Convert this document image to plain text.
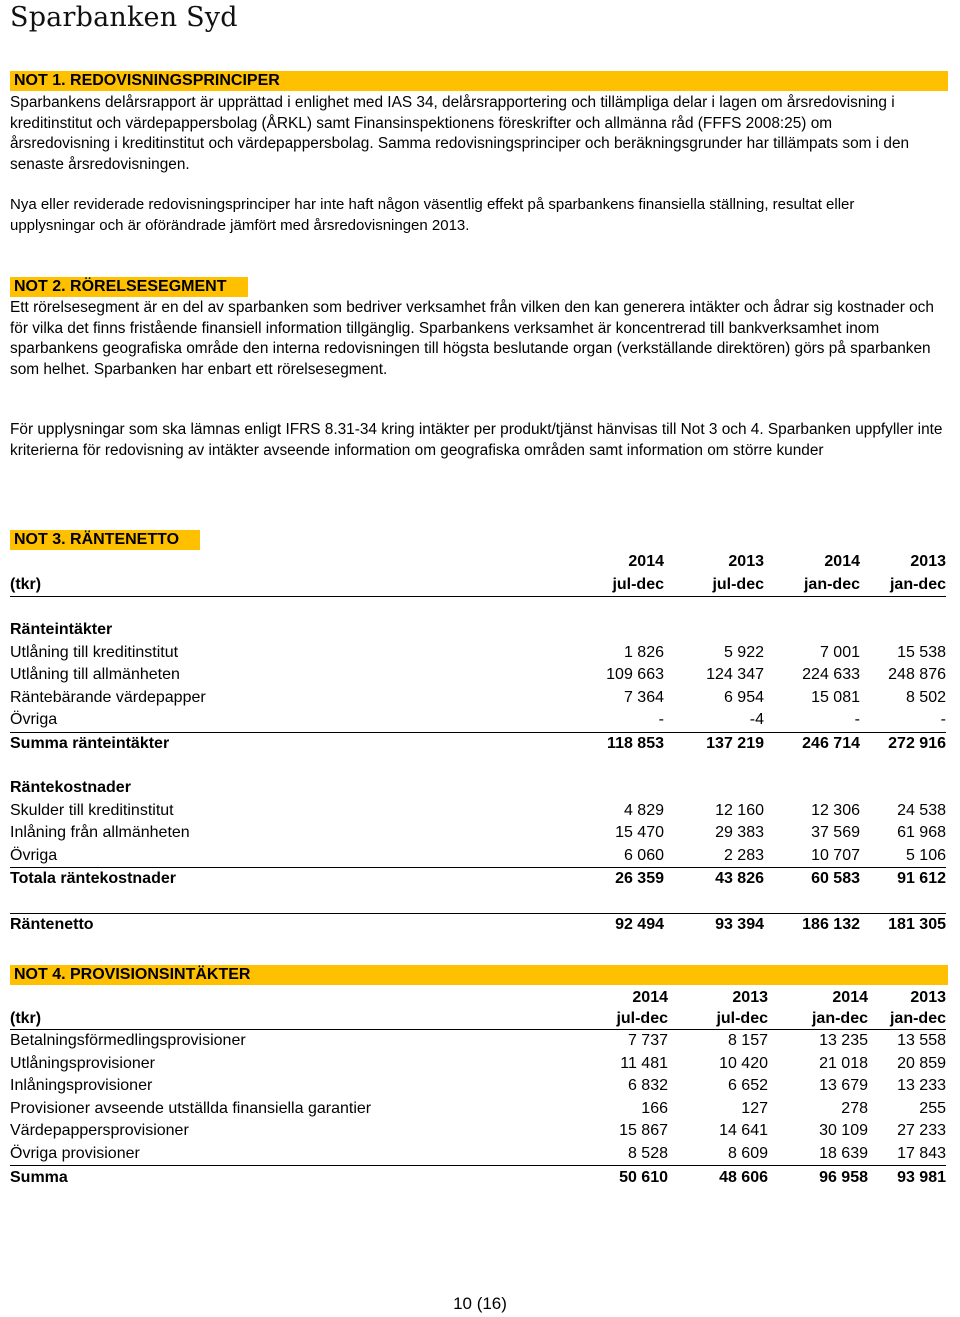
Sparbanken Syd
NOT 1. REDOVISNINGSPRINCIPER

Sparbankens delårsrapport är upprättad i enlighet med IAS 34, delårsrapportering och tillämpliga delar i lagen om årsredovisning i kreditinstitut och värdepappersbolag (ÅRKL) samt Finansinspektionens föreskrifter och allmänna råd (FFFS 2008:25) om årsredovisning i kreditinstitut och värdepappersbolag. Samma redovisningsprinciper och beräkningsgrunder har tillämpats som i den senaste årsredovisningen.

Nya eller reviderade redovisningsprinciper har inte haft någon väsentlig effekt på sparbankens finansiella ställning, resultat eller upplysningar och är oförändrade jämfört med årsredovisningen 2013.

NOT 2. RÖRELSESEGMENT

Ett rörelsesegment är en del av sparbanken som bedriver verksamhet från vilken den kan generera intäkter och ådrar sig kostnader och för vilka det finns fristående finansiell information tillgänglig. Sparbankens verksamhet är koncentrerad till bankverksamhet inom sparbankens geografiska område den interna redovisningen till högsta beslutande organ (verkställande direktören) görs på sparbanken som helhet. Sparbanken har enbart ett rörelsesegment.

För upplysningar som ska lämnas enligt IFRS 8.31-34 kring intäkter per produkt/tjänst hänvisas till Not 3 och 4. Sparbanken uppfyller inte kriterierna för redovisning av intäkter avseende information om geografiska områden samt information om större kunder

NOT 3. RÄNTENETTO
	2014	2013	2014	2013
(tkr)	jul-dec	jul-dec	jan-dec	jan-dec

Ränteintäkter				
Utlåning till kreditinstitut	1 826	5 922	7 001	15 538
Utlåning till allmänheten	109 663	124 347	224 633	248 876
Räntebärande värdepapper	7 364	6 954	15 081	8 502
Övriga	-	-4	-	-
Summa ränteintäkter	118 853	137 219	246 714	272 916

Räntekostnader				
Skulder till kreditinstitut	4 829	12 160	12 306	24 538
Inlåning från allmänheten	15 470	29 383	37 569	61 968
Övriga	6 060	2 283	10 707	5 106
Totala räntekostnader	26 359	43 826	60 583	91 612

Räntenetto	92 494	93 394	186 132	181 305
NOT 4. PROVISIONSINTÄKTER
	2014	2013	2014	2013
(tkr)	jul-dec	jul-dec	jan-dec	jan-dec
Betalningsförmedlingsprovisioner	7 737	8 157	13 235	13 558
Utlåningsprovisioner	11 481	10 420	21 018	20 859
Inlåningsprovisioner	6 832	6 652	13 679	13 233
Provisioner avseende utställda finansiella garantier	166	127	278	255
Värdepappersprovisioner	15 867	14 641	30 109	27 233
Övriga provisioner	8 528	8 609	18 639	17 843
Summa	50 610	48 606	96 958	93 981
10 (16)
